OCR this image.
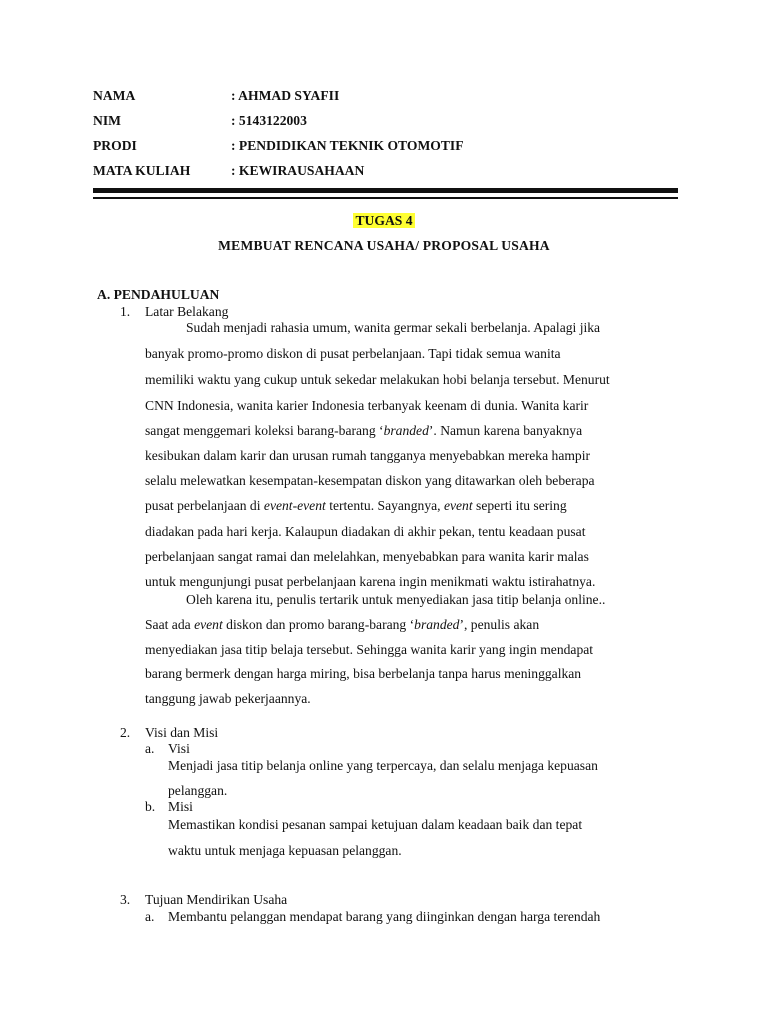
NAMA	: AHMAD SYAFII
NIM	: 5143122003
PRODI	: PENDIDIKAN TEKNIK OTOMOTIF
MATA KULIAH	: KEWIRAUSAHAAN
TUGAS 4
MEMBUAT RENCANA USAHA/ PROPOSAL USAHA
A. PENDAHULUAN
1. Latar Belakang
Sudah menjadi rahasia umum, wanita germar sekali berbelanja. Apalagi jika
banyak promo-promo diskon di pusat perbelanjaan. Tapi tidak semua wanita
memiliki waktu yang cukup untuk sekedar melakukan hobi belanja tersebut. Menurut
CNN Indonesia, wanita karier Indonesia terbanyak keenam di dunia. Wanita karir
sangat menggemari koleksi barang-barang ‘branded’. Namun karena banyaknya
kesibukan dalam karir dan urusan rumah tangganya menyebabkan mereka hampir
selalu melewatkan kesempatan-kesempatan diskon yang ditawarkan oleh beberapa
pusat perbelanjaan di event-event tertentu. Sayangnya, event seperti itu sering
diadakan pada hari kerja. Kalaupun diadakan di akhir pekan, tentu keadaan pusat
perbelanjaan sangat ramai dan melelahkan, menyebabkan para wanita karir malas
untuk mengunjungi pusat perbelanjaan karena ingin menikmati waktu istirahatnya.
Oleh karena itu, penulis tertarik untuk menyediakan jasa titip belanja online..
Saat ada event diskon dan promo barang-barang ‘branded’, penulis akan
menyediakan jasa titip belaja tersebut. Sehingga wanita karir yang ingin mendapat
barang bermerk dengan harga miring, bisa berbelanja tanpa harus meninggalkan
tanggung jawab pekerjaannya.
2. Visi dan Misi
a. Visi
Menjadi jasa titip belanja online yang terpercaya, dan selalu menjaga kepuasan
pelanggan.
b. Misi
Memastikan kondisi pesanan sampai ketujuan dalam keadaan baik dan tepat
waktu untuk menjaga kepuasan pelanggan.
3. Tujuan Mendirikan Usaha
a. Membantu pelanggan mendapat barang yang diinginkan dengan harga terendah
